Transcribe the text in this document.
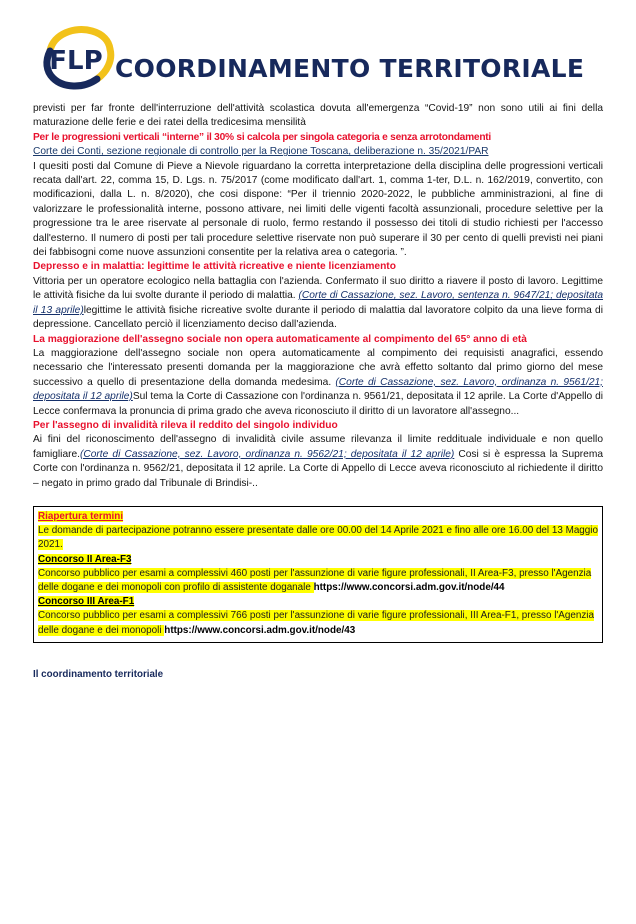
FLP COORDINAMENTO TERRITORIALE

previsti per far fronte dell'interruzione dell'attività scolastica dovuta all'emergenza “Covid-19” non sono utili ai fini della maturazione delle ferie e dei ratei della tredicesima mensilità

Per le progressioni verticali “interne” il 30% si calcola per singola categoria e senza arrotondamenti

Corte dei Conti, sezione regionale di controllo per la Regione Toscana, deliberazione n. 35/2021/PAR

I quesiti posti dal Comune di Pieve a Nievole riguardano la corretta interpretazione della disciplina delle progressioni verticali recata dall'art. 22, comma 15, D. Lgs. n. 75/2017 (come modificato dall'art. 1, comma 1-ter, D.L. n. 162/2019, convertito, con modificazioni, dalla L. n. 8/2020), che cosi dispone: “Per il triennio 2020-2022, le pubbliche amministrazioni, al fine di valorizzare le professionalità interne, possono attivare, nei limiti delle vigenti facoltà assunzionali, procedure selettive per la progressione tra le aree riservate al personale di ruolo, fermo restando il possesso dei titoli di studio richiesti per l'accesso dall'esterno. Il numero di posti per tali procedure selettive riservate non può superare il 30 per cento di quelli previsti nei piani dei fabbisogni come nuove assunzioni consentite per la relativa area o categoria. ”.

Depresso e in malattia: legittime le attività ricreative e niente licenziamento

Vittoria per un operatore ecologico nella battaglia con l'azienda. Confermato il suo diritto a riavere il posto di lavoro. Legittime le attività fisiche da lui svolte durante il periodo di malattia. (Corte di Cassazione, sez. Lavoro, sentenza n. 9647/21; depositata il 13 aprile)legittime le attività fisiche ricreative svolte durante il periodo di malattia dal lavoratore colpito da una lieve forma di depressione. Cancellato perciò il licenziamento deciso dall'azienda.

La maggiorazione dell'assegno sociale non opera automaticamente al compimento del 65° anno di età

La maggiorazione dell'assegno sociale non opera automaticamente al compimento dei requisisti anagrafici, essendo necessario che l'interessato presenti domanda per la maggiorazione che avrà effetto soltanto dal primo giorno del mese successivo a quello di presentazione della domanda medesima. (Corte di Cassazione, sez. Lavoro, ordinanza n. 9561/21; depositata il 12 aprile)Sul tema la Corte di Cassazione con l'ordinanza n. 9561/21, depositata il 12 aprile. La Corte d'Appello di Lecce confermava la pronuncia di prima grado che aveva riconosciuto il diritto di un lavoratore all'assegno...

Per l'assegno di invalidità rileva il reddito del singolo individuo

Ai fini del riconoscimento dell'assegno di invalidità civile assume rilevanza il limite reddituale individuale e non quello famigliare.(Corte di Cassazione, sez. Lavoro, ordinanza n. 9562/21; depositata il 12 aprile) Cosi si è espressa la Suprema Corte con l'ordinanza n. 9562/21, depositata il 12 aprile. La Corte di Appello di Lecce aveva riconosciuto al richiedente il diritto – negato in primo grado dal Tribunale di Brindisi-..

Riapertura termini

Le domande di partecipazione potranno essere presentate dalle ore 00.00 del 14 Aprile 2021 e fino alle ore 16.00 del 13 Maggio 2021.

Concorso II Area-F3

Concorso pubblico per esami a complessivi 460 posti per l'assunzione di varie figure professionali, II Area-F3, presso l'Agenzia delle dogane e dei monopoli con profilo di assistente doganale https://www.concorsi.adm.gov.it/node/44

Concorso III Area-F1

Concorso pubblico per esami a complessivi 766 posti per l'assunzione di varie figure professionali, III Area-F1, presso l'Agenzia delle dogane e dei monopoli https://www.concorsi.adm.gov.it/node/43

Il coordinamento territoriale
